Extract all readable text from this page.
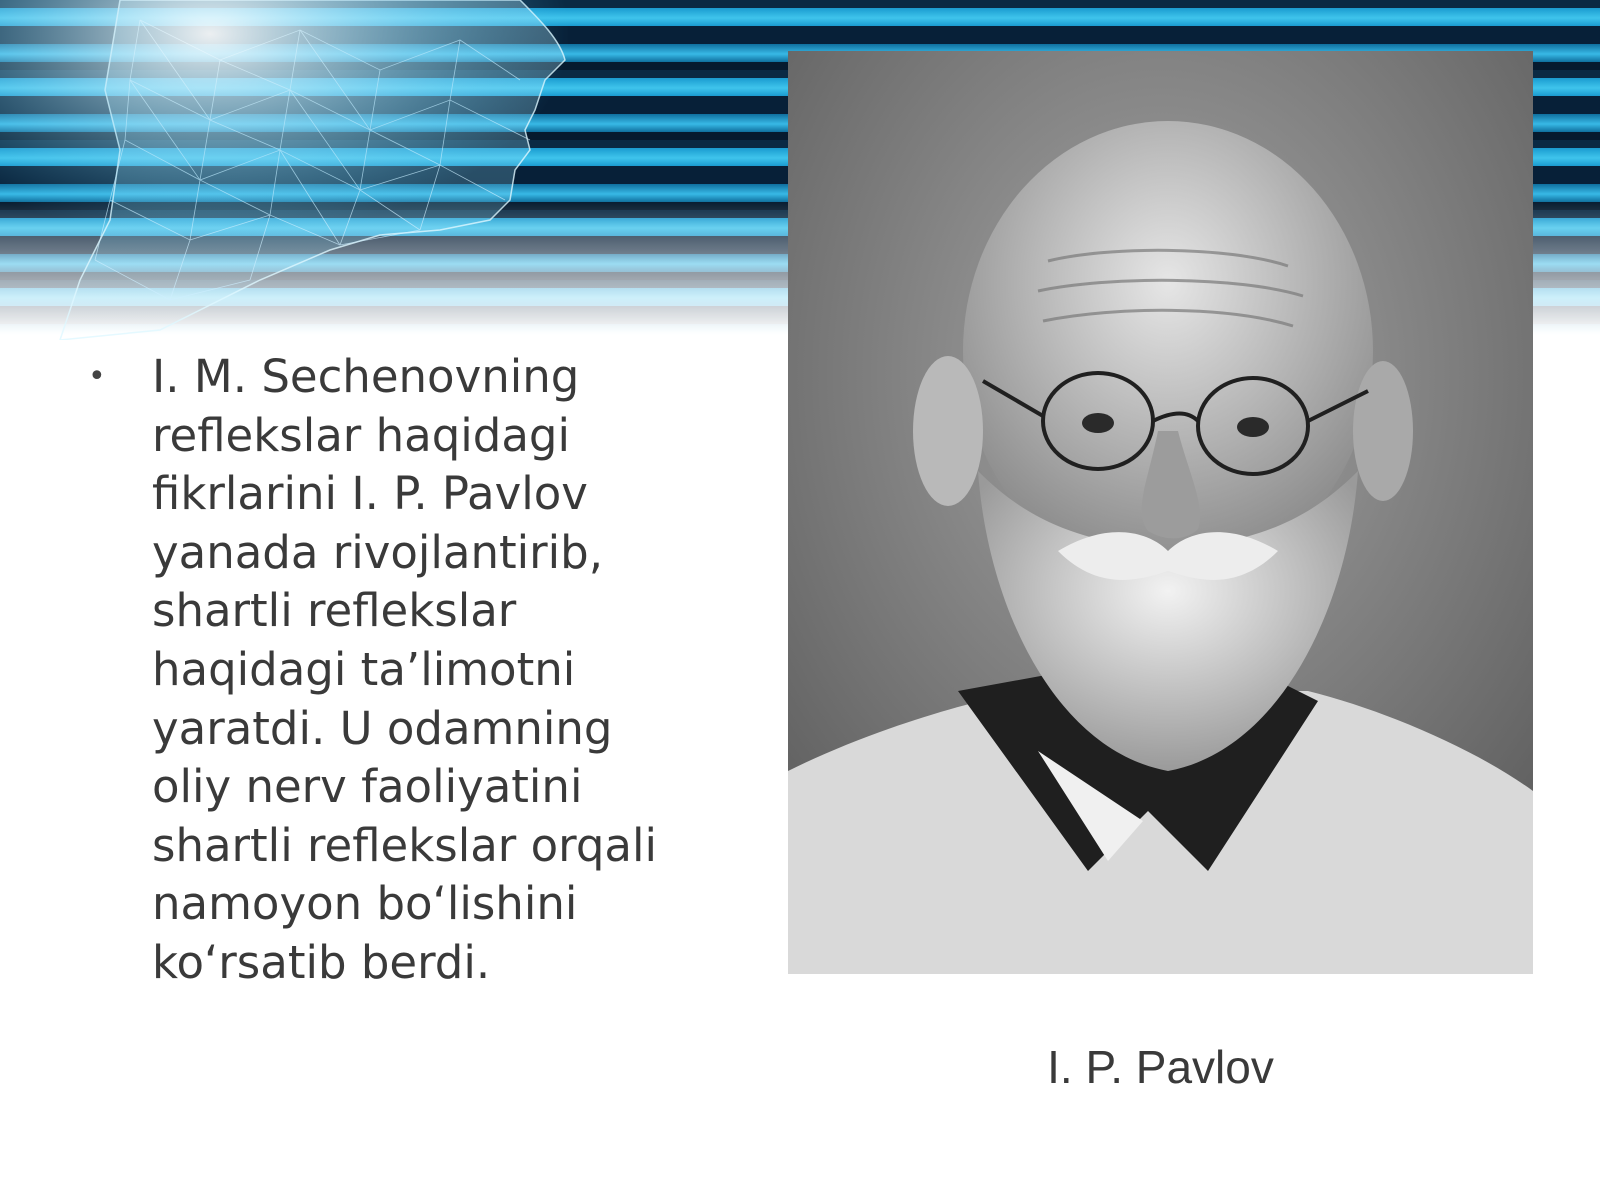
•	I. M. Sechenovning reflekslar haqidagi fikrlarini I. P. Pavlov yanada rivojlantirib, shartli reflekslar haqidagi ta’limotni yaratdi. U odamning oliy nerv faoliyatini shartli reflekslar orqali namoyon bo‘lishini ko‘rsatib berdi.
I. P. Pavlov
